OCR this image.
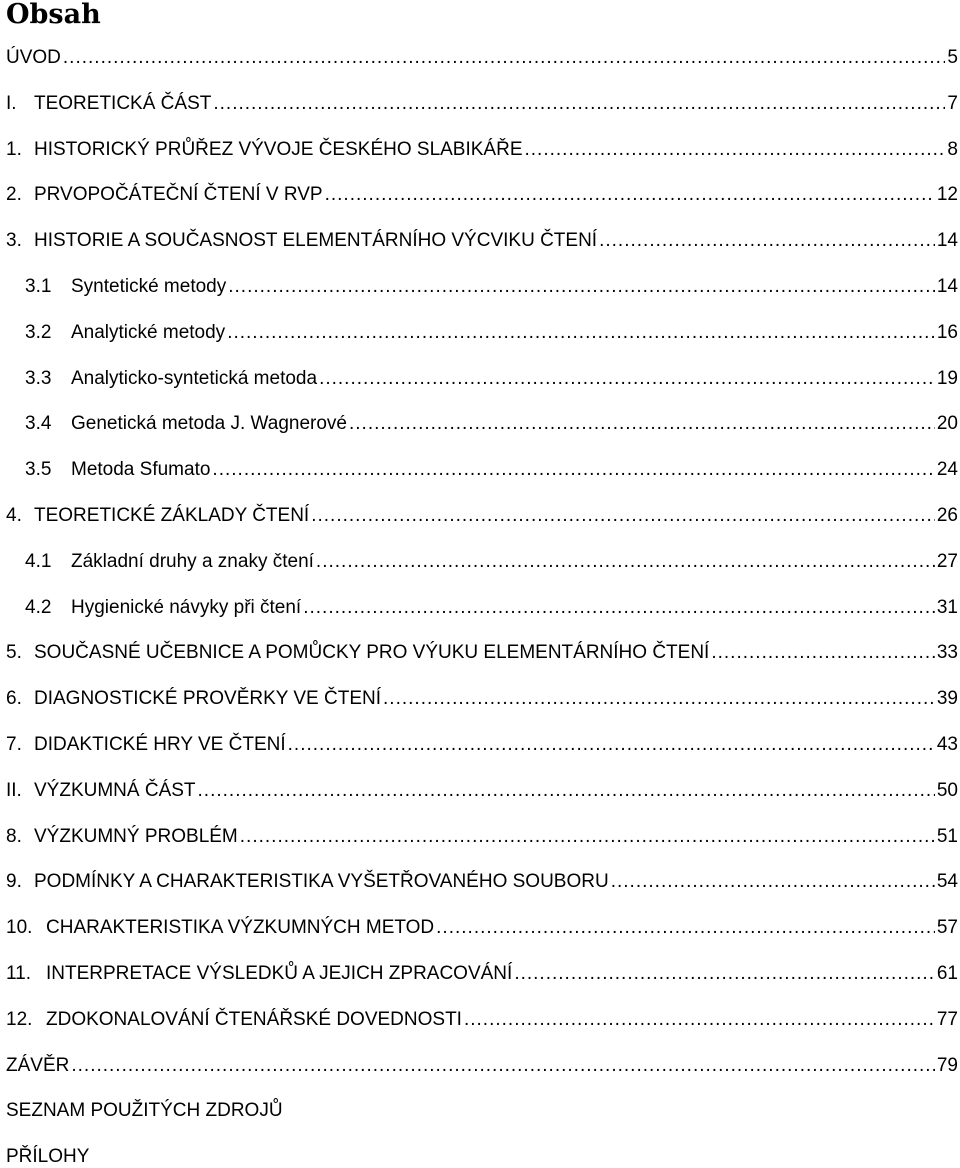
Obsah
ÚVOD .....	5
I. TEORETICKÁ ČÁST .....	7
1. HISTORICKÝ PRŮŘEZ VÝVOJE ČESKÉHO SLABIKÁŘE .....	8
2. PRVOPOČÁTEČNÍ ČTENÍ V RVP .....	12
3. HISTORIE A SOUČASNOST ELEMENTÁRNÍHO VÝCVIKU ČTENÍ .....	14
3.1	Syntetické metody .....	14
3.2	Analytické metody .....	16
3.3	Analyticko-syntetická metoda .....	19
3.4	Genetická metoda J. Wagnerové .....	20
3.5	Metoda Sfumato .....	24
4. TEORETICKÉ ZÁKLADY ČTENÍ .....	26
4.1	Základní druhy a znaky čtení .....	27
4.2	Hygienické návyky při čtení .....	31
5. SOUČASNÉ UČEBNICE A POMŮCKY PRO VÝUKU ELEMENTÁRNÍHO ČTENÍ .....	33
6. DIAGNOSTICKÉ PROVĚRKY VE ČTENÍ .....	39
7. DIDAKTICKÉ HRY VE ČTENÍ .....	43
II. VÝZKUMNÁ ČÁST .....	50
8. VÝZKUMNÝ PROBLÉM .....	51
9. PODMÍNKY A CHARAKTERISTIKA VYŠETŘOVANÉHO SOUBORU .....	54
10. CHARAKTERISTIKA VÝZKUMNÝCH METOD .....	57
11. INTERPRETACE VÝSLEDKŮ A JEJICH ZPRACOVÁNÍ .....	61
12. ZDOKONALOVÁNÍ ČTENÁŘSKÉ DOVEDNOSTI .....	77
ZÁVĚR .....	79
SEZNAM POUŽITÝCH ZDROJŮ
PŘÍLOHY
